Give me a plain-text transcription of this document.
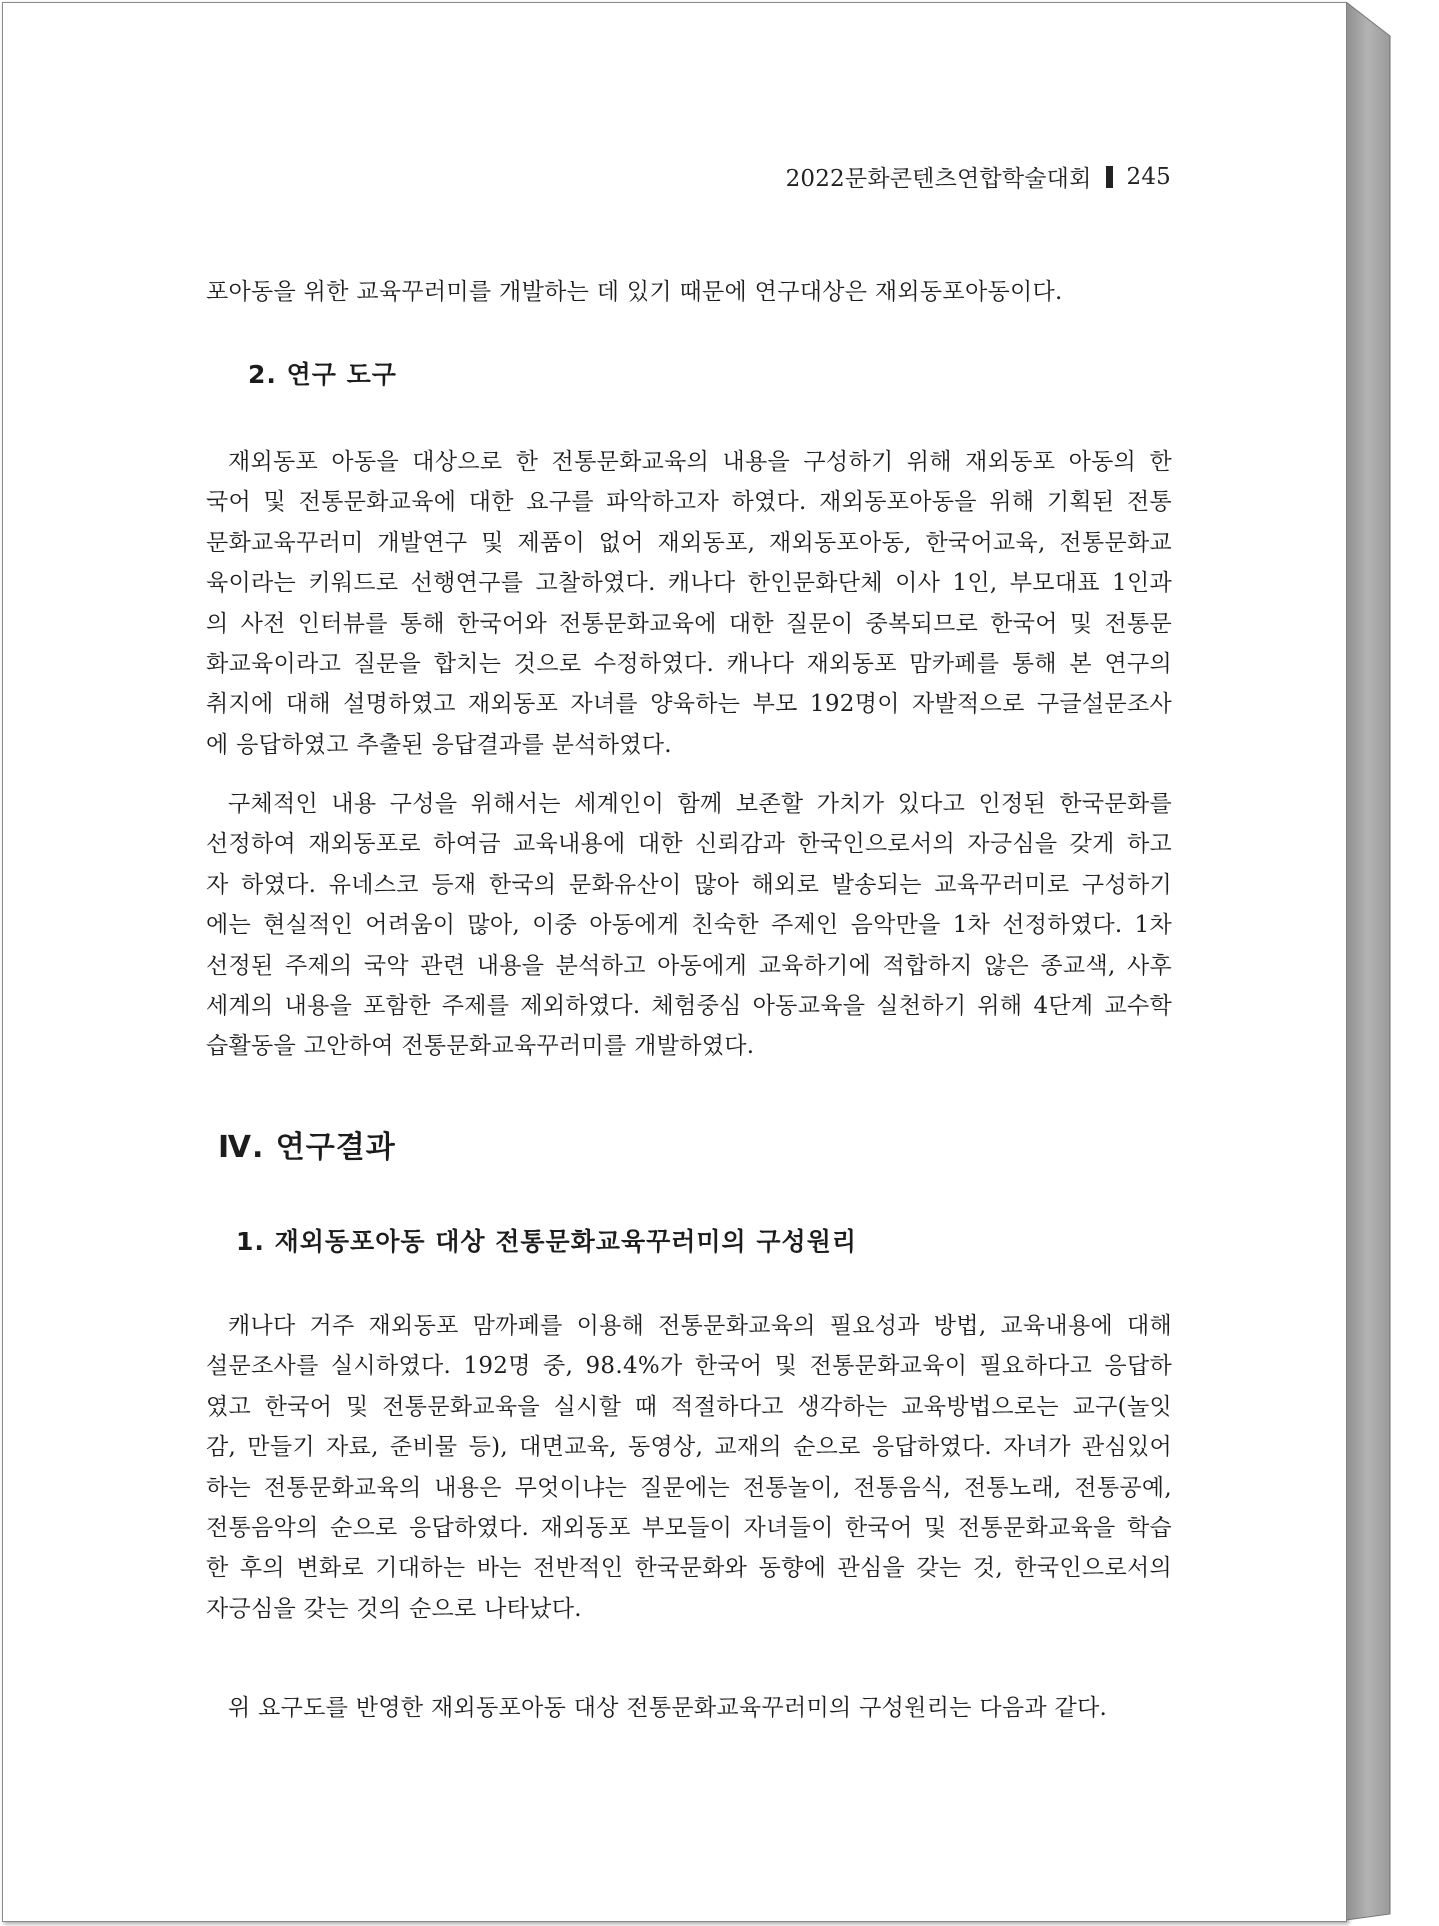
2022문화콘텐츠연합학술대회 245
포아동을 위한 교육꾸러미를 개발하는 데 있기 때문에 연구대상은 재외동포아동이다.
2. 연구 도구
재외동포 아동을 대상으로 한 전통문화교육의 내용을 구성하기 위해 재외동포 아동의 한
국어 및 전통문화교육에 대한 요구를 파악하고자 하였다. 재외동포아동을 위해 기획된 전통
문화교육꾸러미 개발연구 및 제품이 없어 재외동포, 재외동포아동, 한국어교육, 전통문화교
육이라는 키워드로 선행연구를 고찰하였다. 캐나다 한인문화단체 이사 1인, 부모대표 1인과
의 사전 인터뷰를 통해 한국어와 전통문화교육에 대한 질문이 중복되므로 한국어 및 전통문
화교육이라고 질문을 합치는 것으로 수정하였다. 캐나다 재외동포 맘카페를 통해 본 연구의
취지에 대해 설명하였고 재외동포 자녀를 양육하는 부모 192명이 자발적으로 구글설문조사
에 응답하였고 추출된 응답결과를 분석하였다.
구체적인 내용 구성을 위해서는 세계인이 함께 보존할 가치가 있다고 인정된 한국문화를
선정하여 재외동포로 하여금 교육내용에 대한 신뢰감과 한국인으로서의 자긍심을 갖게 하고
자 하였다. 유네스코 등재 한국의 문화유산이 많아 해외로 발송되는 교육꾸러미로 구성하기
에는 현실적인 어려움이 많아, 이중 아동에게 친숙한 주제인 음악만을 1차 선정하였다. 1차
선정된 주제의 국악 관련 내용을 분석하고 아동에게 교육하기에 적합하지 않은 종교색, 사후
세계의 내용을 포함한 주제를 제외하였다. 체험중심 아동교육을 실천하기 위해 4단계 교수학
습활동을 고안하여 전통문화교육꾸러미를 개발하였다.
Ⅳ. 연구결과
1. 재외동포아동 대상 전통문화교육꾸러미의 구성원리
캐나다 거주 재외동포 맘까페를 이용해 전통문화교육의 필요성과 방법, 교육내용에 대해
설문조사를 실시하였다. 192명 중, 98.4%가 한국어 및 전통문화교육이 필요하다고 응답하
였고 한국어 및 전통문화교육을 실시할 때 적절하다고 생각하는 교육방법으로는 교구(놀잇
감, 만들기 자료, 준비물 등), 대면교육, 동영상, 교재의 순으로 응답하였다. 자녀가 관심있어
하는 전통문화교육의 내용은 무엇이냐는 질문에는 전통놀이, 전통음식, 전통노래, 전통공예,
전통음악의 순으로 응답하였다. 재외동포 부모들이 자녀들이 한국어 및 전통문화교육을 학습
한 후의 변화로 기대하는 바는 전반적인 한국문화와 동향에 관심을 갖는 것, 한국인으로서의
자긍심을 갖는 것의 순으로 나타났다.
위 요구도를 반영한 재외동포아동 대상 전통문화교육꾸러미의 구성원리는 다음과 같다.
